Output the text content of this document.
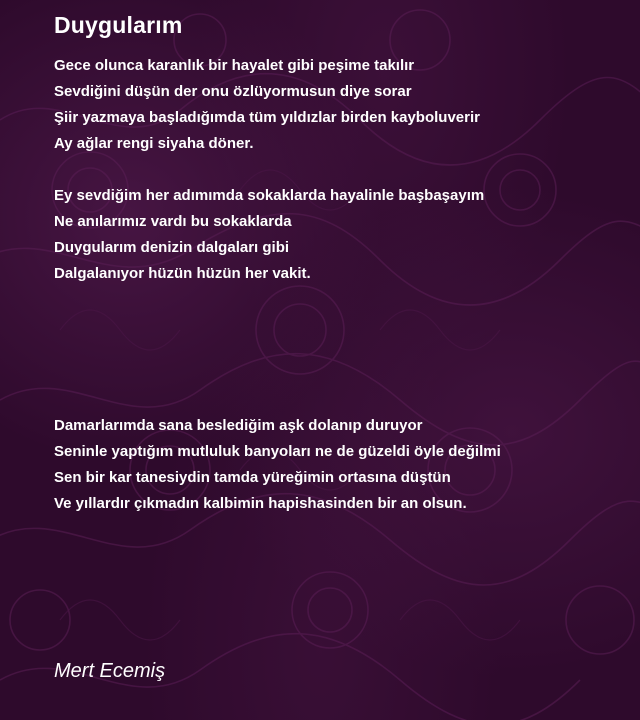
Duygularım
Gece olunca karanlık bir hayalet gibi peşime takılır
Sevdiğini düşün der onu özlüyormusun diye sorar
Şiir yazmaya başladığımda tüm yıldızlar birden kayboluverir
Ay ağlar rengi siyaha döner.
Ey sevdiğim her adımımda sokaklarda hayalinle başbaşayım
Ne anılarımız vardı bu sokaklarda
Duygularım denizin dalgaları gibi
Dalgalanıyor hüzün hüzün her vakit.
Damarlarımda sana beslediğim aşk dolanıp duruyor
Seninle yaptığım mutluluk banyoları ne de güzeldi öyle değilmi
Sen bir kar tanesiydin tamda yüreğimin ortasına düştün
Ve yıllardır çıkmadın kalbimin hapishasinden bir an olsun.

Mert Ecemiş
